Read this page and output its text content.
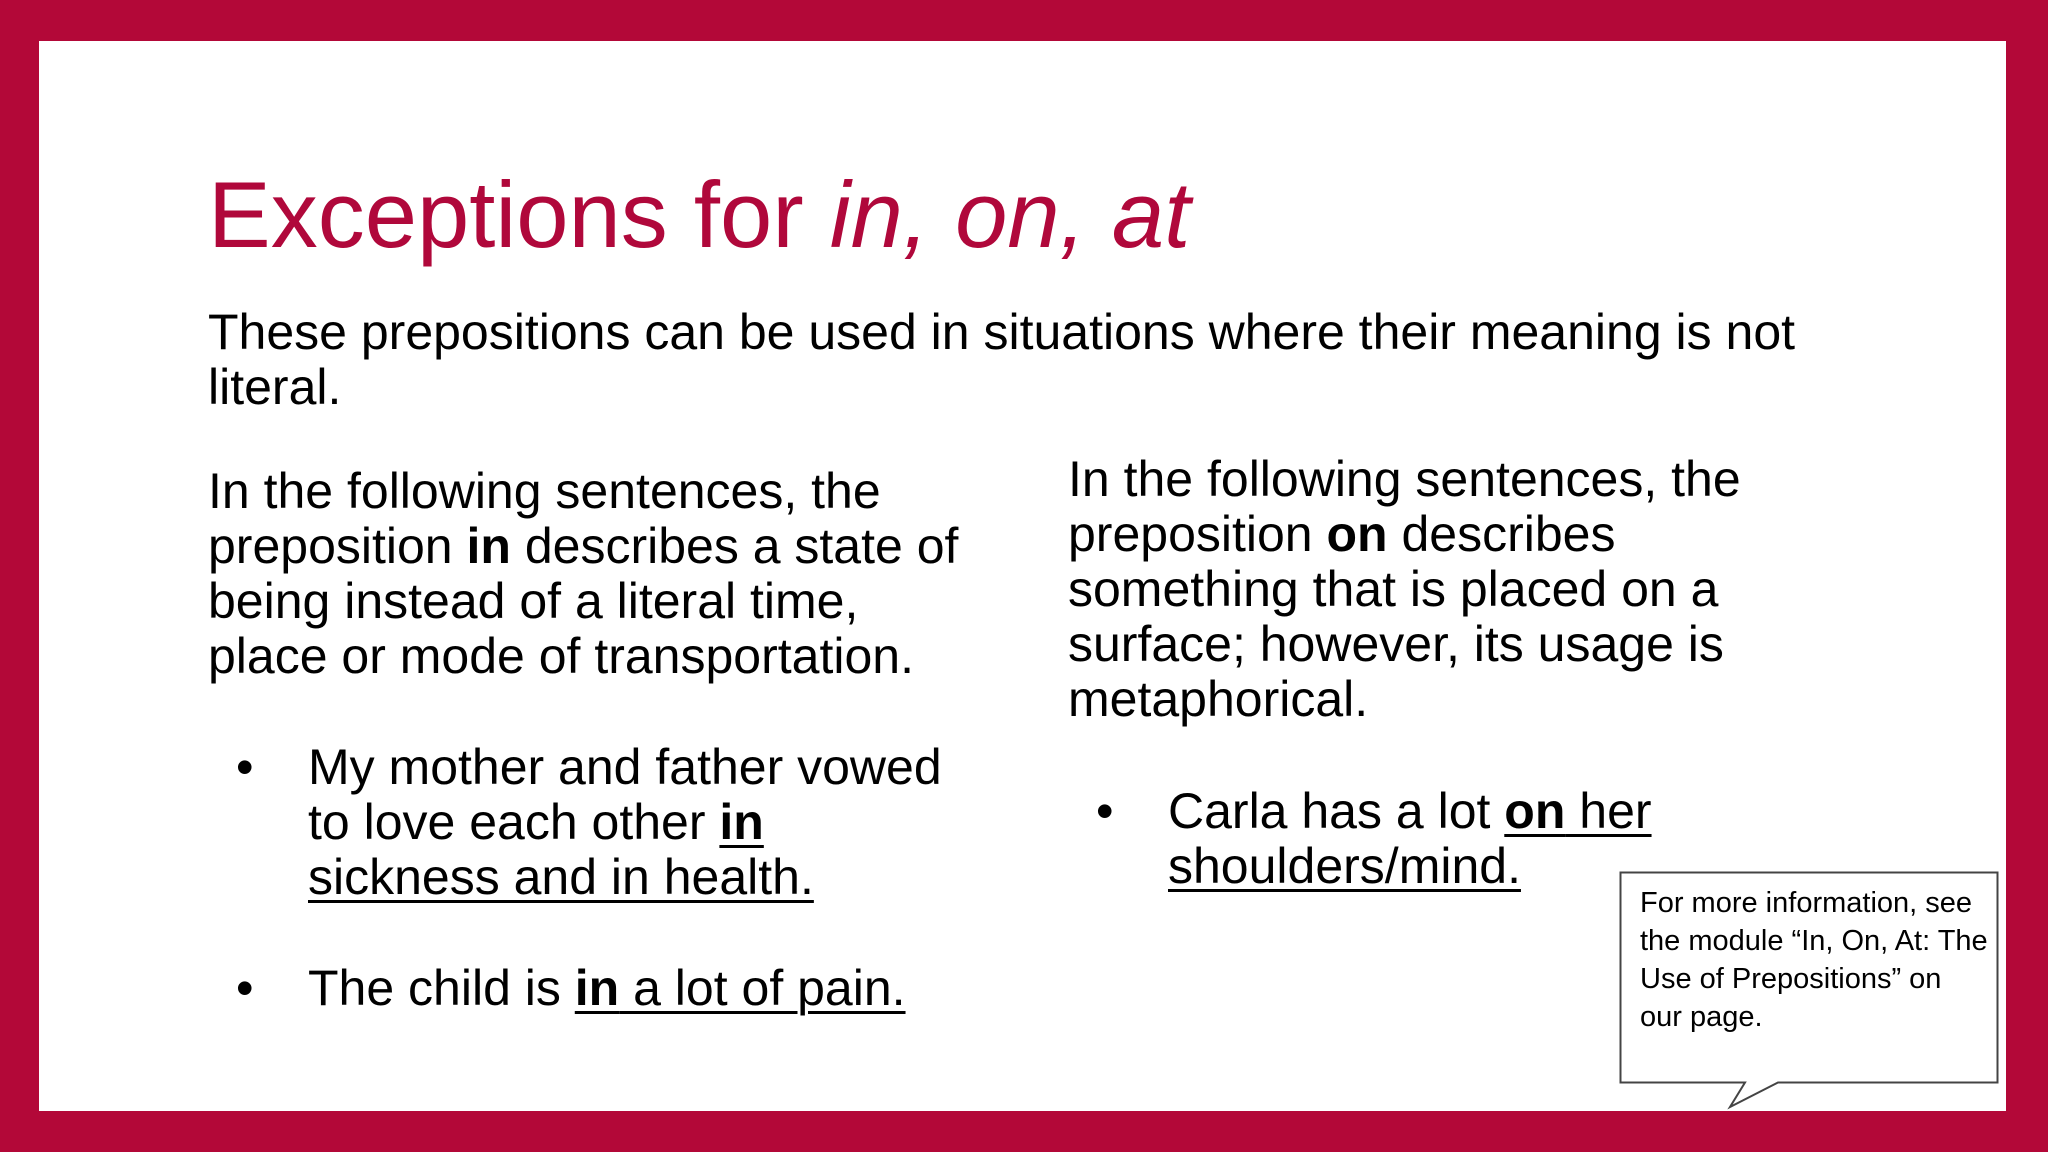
Exceptions for in, on, at

These prepositions can be used in situations where their meaning is not literal.

In the following sentences, the preposition in describes a state of being instead of a literal time, place or mode of transportation.

• My mother and father vowed to love each other in
sickness and in health.
• The child is in a lot of pain.

In the following sentences, the preposition on describes something that is placed on a surface; however, its usage is metaphorical.

• Carla has a lot on her shoulders/mind.

For more information, see the module “In, On, At: The Use of Prepositions” on our page.
